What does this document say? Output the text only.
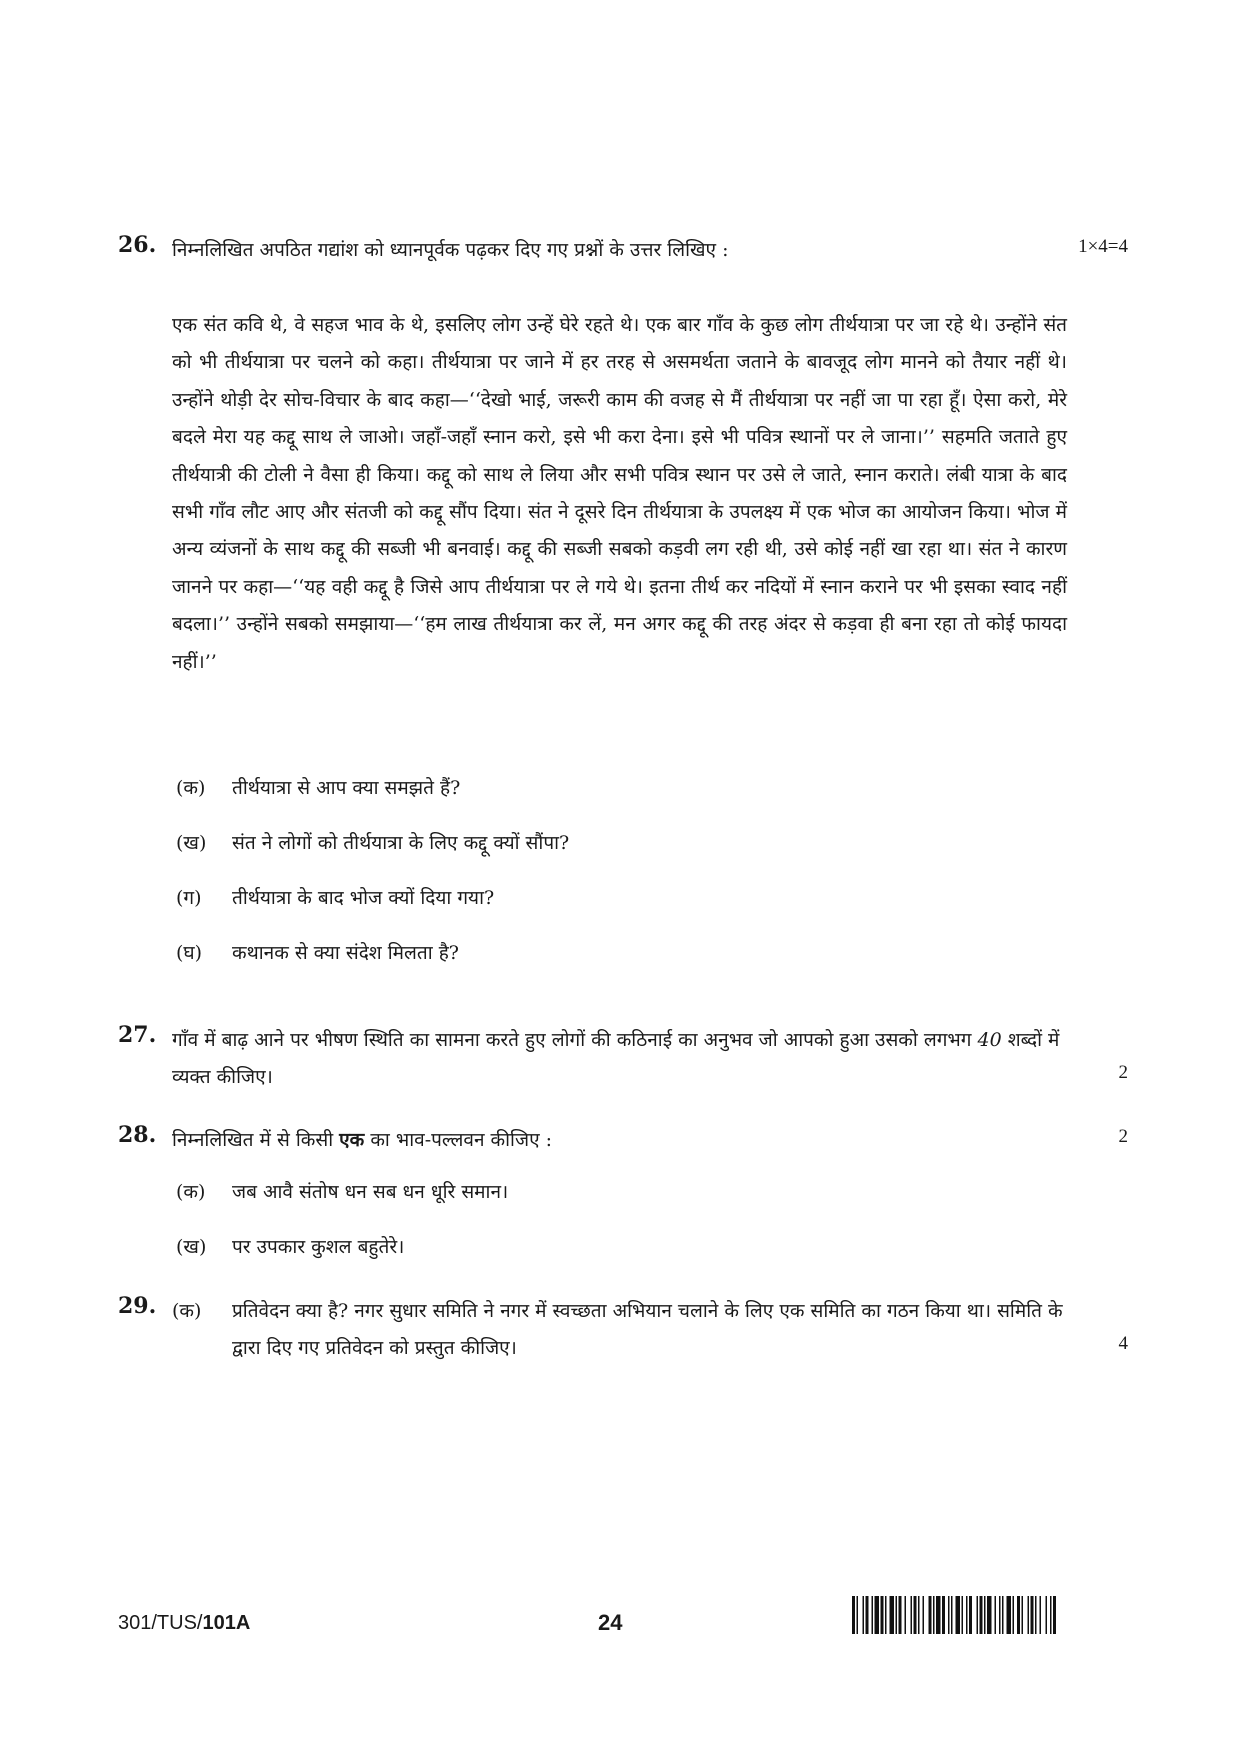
26. निम्नलिखित अपठित गद्यांश को ध्यानपूर्वक पढ़कर दिए गए प्रश्नों के उत्तर लिखिए :	1×4=4
एक संत कवि थे, वे सहज भाव के थे, इसलिए लोग उन्हें घेरे रहते थे। एक बार गाँव के कुछ लोग तीर्थयात्रा पर जा रहे थे। उन्होंने संत को भी तीर्थयात्रा पर चलने को कहा। तीर्थयात्रा पर जाने में हर तरह से असमर्थता जताने के बावजूद लोग मानने को तैयार नहीं थे। उन्होंने थोड़ी देर सोच-विचार के बाद कहा—‘‘देखो भाई, जरूरी काम की वजह से मैं तीर्थयात्रा पर नहीं जा पा रहा हूँ। ऐसा करो, मेरे बदले मेरा यह कद्दू साथ ले जाओ। जहाँ-जहाँ स्नान करो, इसे भी करा देना। इसे भी पवित्र स्थानों पर ले जाना।’’ सहमति जताते हुए तीर्थयात्री की टोली ने वैसा ही किया। कद्दू को साथ ले लिया और सभी पवित्र स्थान पर उसे ले जाते, स्नान कराते। लंबी यात्रा के बाद सभी गाँव लौट आए और संतजी को कद्दू सौंप दिया। संत ने दूसरे दिन तीर्थयात्रा के उपलक्ष्य में एक भोज का आयोजन किया। भोज में अन्य व्यंजनों के साथ कद्दू की सब्जी भी बनवाई। कद्दू की सब्जी सबको कड़वी लग रही थी, उसे कोई नहीं खा रहा था। संत ने कारण जानने पर कहा—‘‘यह वही कद्दू है जिसे आप तीर्थयात्रा पर ले गये थे। इतना तीर्थ कर नदियों में स्नान कराने पर भी इसका स्वाद नहीं बदला।’’ उन्होंने सबको समझाया—‘‘हम लाख तीर्थयात्रा कर लें, मन अगर कद्दू की तरह अंदर से कड़वा ही बना रहा तो कोई फायदा नहीं।’’
(क) तीर्थयात्रा से आप क्या समझते हैं?
(ख) संत ने लोगों को तीर्थयात्रा के लिए कद्दू क्यों सौंपा?
(ग) तीर्थयात्रा के बाद भोज क्यों दिया गया?
(घ) कथानक से क्या संदेश मिलता है?
27. गाँव में बाढ़ आने पर भीषण स्थिति का सामना करते हुए लोगों की कठिनाई का अनुभव जो आपको हुआ उसको लगभग 40 शब्दों में व्यक्त कीजिए।	2
28. निम्नलिखित में से किसी एक का भाव-पल्लवन कीजिए :	2
(क) जब आवै संतोष धन सब धन धूरि समान।
(ख) पर उपकार कुशल बहुतेरे।
29. (क)
4
प्रतिवेदन क्या है? नगर सुधार समिति ने नगर में स्वच्छता अभियान चलाने के लिए एक समिति का गठन किया था। समिति के द्वारा दिए गए प्रतिवेदन को प्रस्तुत कीजिए।
301/TUS/101A	24
